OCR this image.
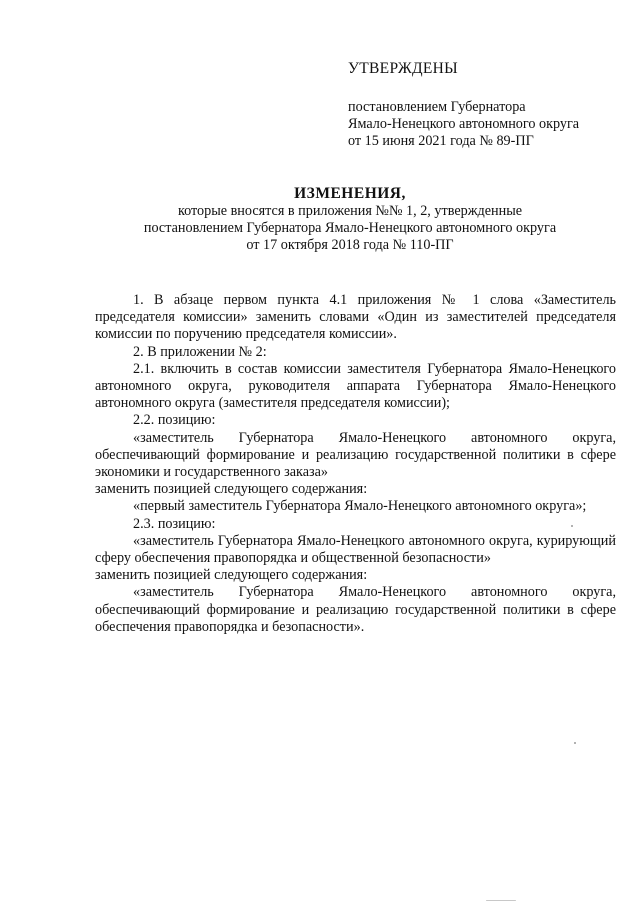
УТВЕРЖДЕНЫ
постановлением Губернатора
Ямало-Ненецкого автономного округа
от 15 июня 2021 года № 89-ПГ
ИЗМЕНЕНИЯ,
которые вносятся в приложения №№ 1, 2, утвержденные
постановлением Губернатора Ямало-Ненецкого автономного округа
от 17 октября 2018 года № 110-ПГ

1. В абзаце первом пункта 4.1 приложения № 1 слова «Заместитель председателя комиссии» заменить словами «Один из заместителей председателя комиссии по поручению председателя комиссии».

2. В приложении № 2:

2.1. включить в состав комиссии заместителя Губернатора Ямало-Ненецкого автономного округа, руководителя аппарата Губернатора Ямало-Ненецкого автономного округа (заместителя председателя комиссии);

2.2. позицию:

«заместитель Губернатора Ямало-Ненецкого автономного округа, обеспечивающий формирование и реализацию государственной политики в сфере экономики и государственного заказа»

заменить позицией следующего содержания:

«первый заместитель Губернатора Ямало-Ненецкого автономного округа»;

2.3. позицию:

«заместитель Губернатора Ямало-Ненецкого автономного округа, курирующий сферу обеспечения правопорядка и общественной безопасности»

заменить позицией следующего содержания:

«заместитель Губернатора Ямало-Ненецкого автономного округа, обеспечивающий формирование и реализацию государственной политики в сфере обеспечения правопорядка и безопасности».
